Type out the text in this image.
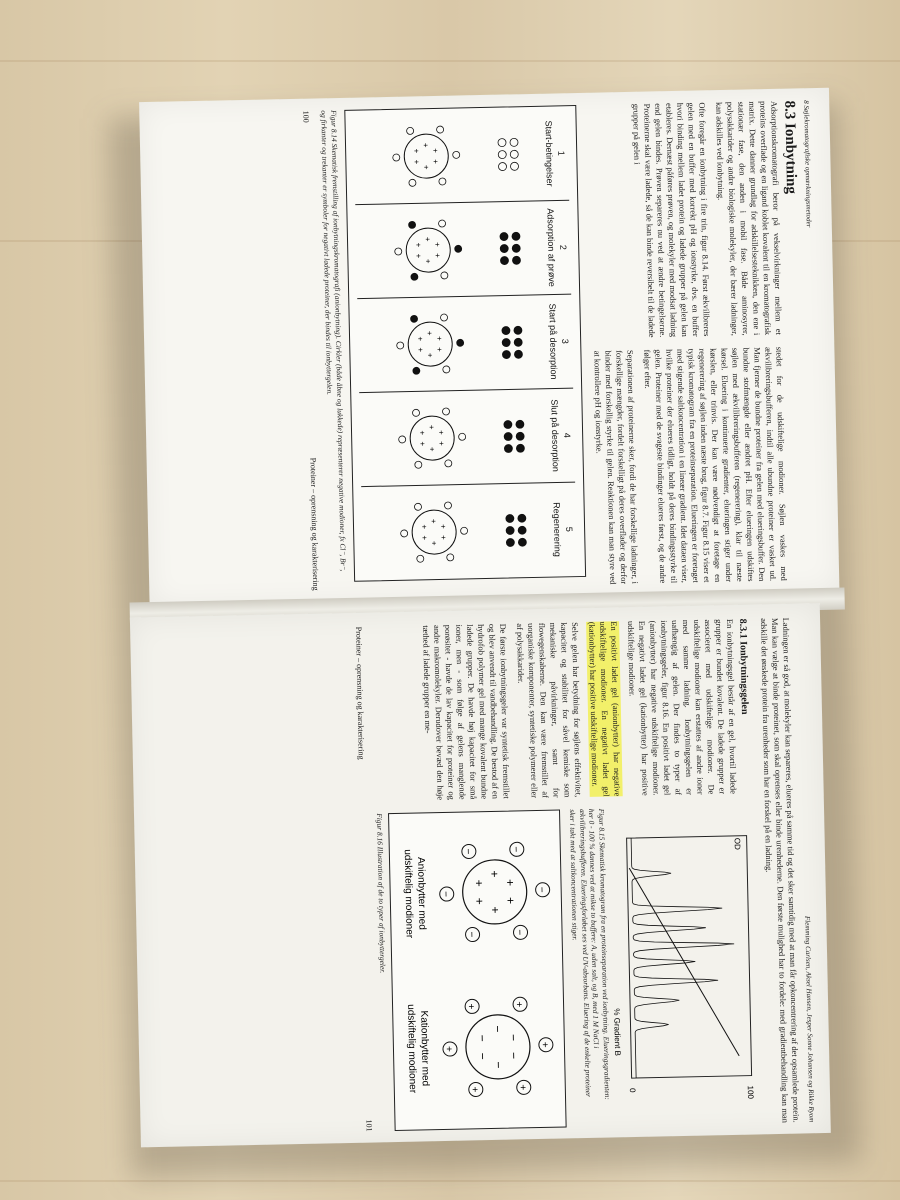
8 Søjlekromatografiske opmærkningsmetoder
8.3 Ionbytning

Adsorptionskromatografi beror på vekselvirkninger mellem et proteins overflade og en ligand koblet kovalent til en kromatografisk matrix. Dette danner grundlag for adskillelsesteknikken, den ene i stationær fase, den anden i mobil fase. Både aminosyrer, polysakkarider og andre biologiske molekyler, der bærer ladninger, kan adskilles ved ionbytning.

Ofte foregår en ionbytning i fire trin, figur 8.14. Først ækvilibreres gelen med en buffer med korrekt pH og ionstyrke, dvs. en buffer hvori binding mellem ladet protein og ladede grupper på gelen kan etableres. Dernæst påføres prøven, og molekyler med modsat ladning end gelen bindes. Prøven separeres nu ved at ændre betingelserne. Proteinerne skal være ladede, så de kan binde reversibelt til de ladede grupper på gelen i

stedet for de udskiftelige modioner. Søjlen vaskes med ækvilibreringsbufferen, indtil alle ubundne proteiner er vasket ud. Man fjerner de bundne proteiner fra gelen med elueringsbuffer. Den bundne stofmængde eller ændret pH. Efter elueringen udskiftes søjlen med ækvilibreringsbufferen (regenerering), klar til næste kørsel. Eluering i kontinuerte gradienter, elueringen stiger under kørslen, eller trinvis. Der kan være nødvendigt at foretage en regenerering af søjlen inden næste brug, figur 8.7. Figur 8.15 viser et typisk kromatogram fra en proteinseparation. Elueringen er foretaget med stigende saltkoncentration i en lineær gradient. Idet dataen viser, hvilke proteiner der elueres tidligt, holdt på deres bindingsstyrke til gelen. Proteiner med de svageste bindinger elueres først, og de andre følger efter.

Separationen af proteinerne sker, fordi de har forskellige ladninger, i forskellige mængder, fordelt forskelligt på deres overflader og derfor binder med forskellig styrke til gelen. Reaktionen kan man styre ved at kontrollere pH og ionstyrke.

1
Start-betingelser
2
Adsorption af prøve
3
Start på desorption
4
Slut på desorption
5
Regenerering
+
+
+
+
+
+
+
+
+
+
+
+
+
+
+
+
+
+
+
+
+
+
+
+
+
+
+
+
+
+
Figur 8.14 Skematisk fremstilling af ionbytningskromatografi (anionbytning). Cirkler (både åbne og lukkede) repræsenterer negative modioner, fx Cl⁻, Br⁻, og firkanter og trekanter er symboler for negativt ladede proteiner, der bindes til ionbyttergelen.
100
Proteiner – oprensning og karakterisering
Flemming Carlsen, Aksel Hansen, Jesper Sonne Johansen og Rikke Ryom

Ladningen er så god, at molekyler kan separeres, elueres på samme tid og det sker samtidig med at man får opkoncentrering af det opsamlede protein. Man kan vælge at binde proteinet, som skal oprenses eller binde urenhederne. Den første mulighed har to fordele: med gradientbehandling kan man adskille det ønskede protein fra urenheder som har en forskel på en ladning.

8.3.1 Ionbytningsgelen

En ionbytningsgel består af en gel, hvortil ladede grupper er bundet kovalent. De ladede grupper er associeret med udskiftelige modioner. De udskiftelige modioner kan erstattes af andre ioner med samme ladning. Ionbytningsgelen er uafhængig af gelen. Der findes to typer af ionbytningsgeler, figur 8.16. En positivt ladet gel (anionbytter) har negative udskiftelige modioner. En negativt ladet gel (kationbytter) har positive udskiftelige modioner.

En positivt ladet gel (anionbytter) har negative udskiftelige modioner. En negativt ladet gel (kationbytter) har positive udskiftelige modioner.

Selve gelen har betydning for søjlens effektivitet, kapacitet og stabilitet for såvel kemiske som mekaniske påvirkninger, samt for flowegenskaberne. Den kan være fremstillet af uorganiske komponenter, syntetiske polymerer eller af polysakkarider.

De første ionbytningsgeler var syntetisk fremstillet og blev anvendt til vandbehandling. De bestod af en hydrofob polymer gel med mange kovalent bundne ladede grupper. De havde høj kapacitet for små ioner, men - som følge af gelens manglende porøsitet - havde de lav kapacitet for proteiner og andre makromolekyler. Derudover bevæd den høje tæthed af ladede grupper en me-

100
0
OD
% Gradient B
Figur 8.15 Skematisk kromatogram fra en proteinseparation ved ionbytning. Elueringsgradienten: her 0 - 100 % dannes ved at mikse to buffere: A, uden salt, og B, med 1 M NaCl i ækvilibreringsbufferen. Elueringsforløbet ses ved UV-absorbans. Eluering af de enkelte proteiner sker i takt med at saltkoncentrationen stiger.
+
+
+
+
+
+
−
−
−	−
−
−
−
−
−
−
−
−
+
+
+	+
+
+
Anionbytter med
udskiftelig modioner
Kationbytter med
udskiftelig modioner
Figur 8.16 Illustration af de to typer af ionbyttergeler.
Proteiner – oprensning og karakterisering
101
